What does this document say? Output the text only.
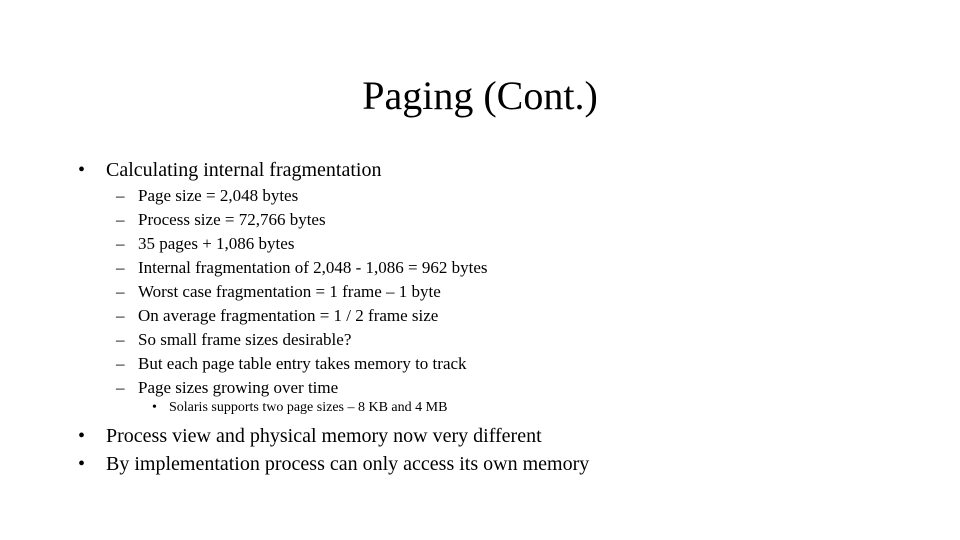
Paging (Cont.)
•	Calculating internal fragmentation
– Page size = 2,048 bytes
– Process size = 72,766 bytes
– 35 pages + 1,086 bytes
– Internal fragmentation of 2,048 - 1,086 = 962 bytes
– Worst case fragmentation = 1 frame – 1 byte
– On average fragmentation = 1 / 2 frame size
– So small frame sizes desirable?
– But each page table entry takes memory to track
– Page sizes growing over time
• Solaris supports two page sizes – 8 KB and 4 MB
•	Process view and physical memory now very different
•	By implementation process can only access its own memory
